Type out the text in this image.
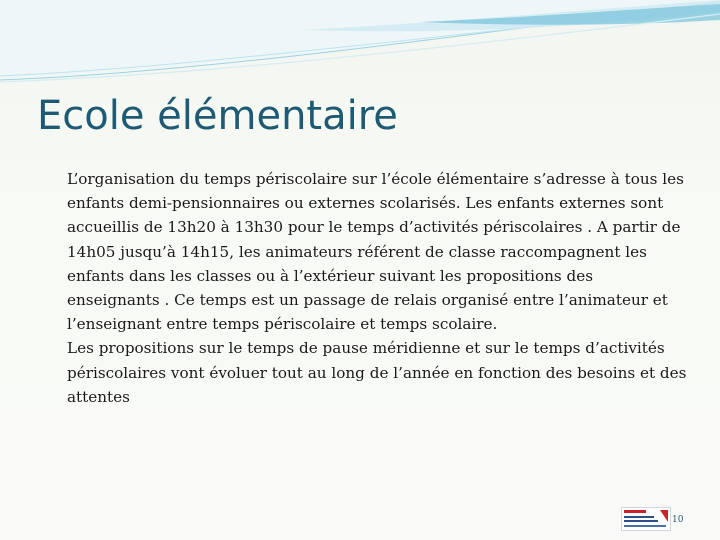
Ecole élémentaire

L’organisation du temps périscolaire sur l’école élémentaire s’adresse à tous les enfants demi-pensionnaires ou externes scolarisés. Les enfants externes sont accueillis de 13h20 à 13h30 pour le temps d’activités périscolaires . A partir de 14h05 jusqu’à 14h15, les animateurs référent de classe raccompagnent les enfants dans les classes ou à l’extérieur suivant les propositions des enseignants . Ce temps est un passage de relais organisé entre l’animateur et l’enseignant entre temps périscolaire et temps scolaire.

Les propositions sur le temps de pause méridienne et sur le temps d’activités périscolaires vont évoluer tout au long de l’année en fonction des besoins et des attentes

10
